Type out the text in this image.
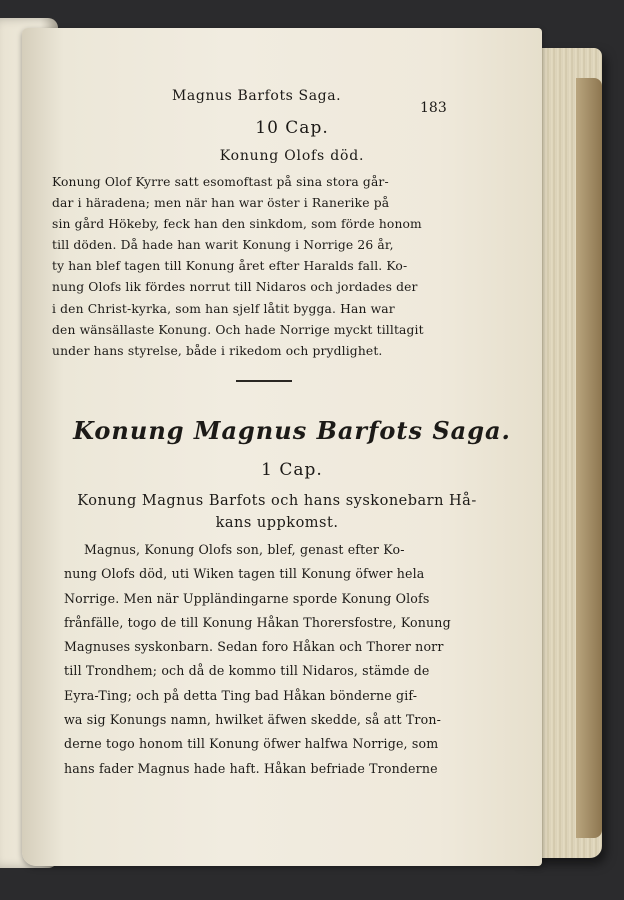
Magnus Barfots Saga.
183
10 Cap.
Konung Olofs död.

Konung Olof Kyrre satt esomoftast på sina stora går-
dar i häradena; men när han war öster i Ranerike på
sin gård Hökeby, feck han den sinkdom, som förde honom
till döden. Då hade han warit Konung i Norrige 26 år,
ty han blef tagen till Konung året efter Haralds fall. Ko-
nung Olofs lik fördes norrut till Nidaros och jordades der
i den Christ-kyrka, som han sjelf låtit bygga. Han war
den wänsällaste Konung. Och hade Norrige myckt tilltagit
under hans styrelse, både i rikedom och prydlighet.

Konung Magnus Barfots Saga.
1 Cap.
Konung Magnus Barfots och hans syskonebarn Hå-
kans uppkomst.

Magnus, Konung Olofs son, blef, genast efter Ko-
nung Olofs död, uti Wiken tagen till Konung öfwer hela
Norrige. Men när Uppländingarne sporde Konung Olofs
frånfälle, togo de till Konung Håkan Thorersfostre, Konung
Magnuses syskonbarn. Sedan foro Håkan och Thorer norr
till Trondhem; och då de kommo till Nidaros, stämde de
Eyra-Ting; och på detta Ting bad Håkan bönderne gif-
wa sig Konungs namn, hwilket äfwen skedde, så att Tron-
derne togo honom till Konung öfwer halfwa Norrige, som
hans fader Magnus hade haft. Håkan befriade Tronderne
